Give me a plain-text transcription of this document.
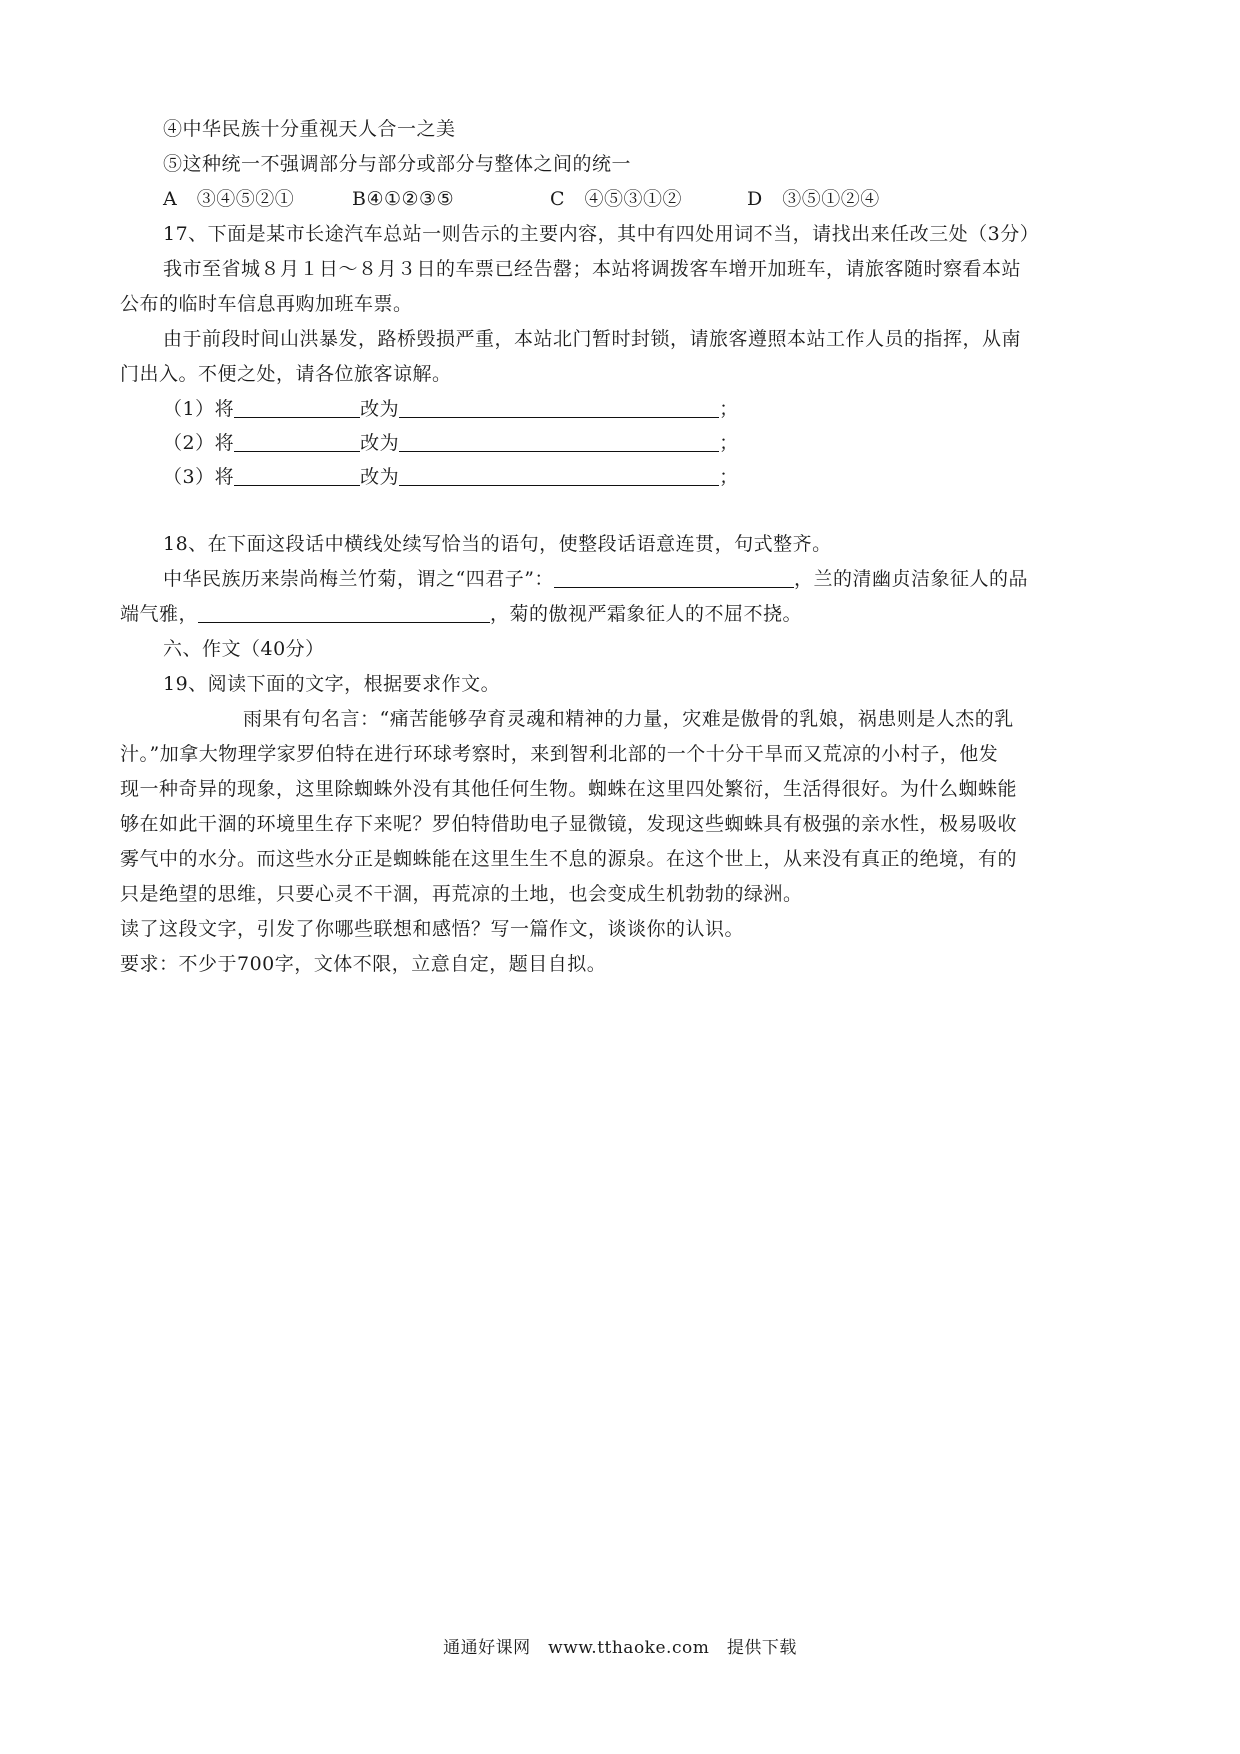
④中华民族十分重视天人合一之美
⑤这种统一不强调部分与部分或部分与整体之间的统一
A　③④⑤②①	B④①②③⑤	C　④⑤③①②	D　③⑤①②④
17、下面是某市长途汽车总站一则告示的主要内容，其中有四处用词不当，请找出来任改三处（3分）
我市至省城８月１日～８月３日的车票已经告罄；本站将调拨客车增开加班车，请旅客随时察看本站
公布的临时车信息再购加班车票。
由于前段时间山洪暴发，路桥毁损严重，本站北门暂时封锁，请旅客遵照本站工作人员的指挥，从南
门出入。不便之处，请各位旅客谅解。
（1）将	改为	；
（2）将	改为	；
（3）将	改为	；
18、在下面这段话中横线处续写恰当的语句，使整段话语意连贯，句式整齐。
中华民族历来崇尚梅兰竹菊，谓之“四君子”：	，兰的清幽贞洁象征人的品
端气雅，	，菊的傲视严霜象征人的不屈不挠。
六、作文（40分）
19、阅读下面的文字，根据要求作文。
雨果有句名言：“痛苦能够孕育灵魂和精神的力量，灾难是傲骨的乳娘，祸患则是人杰的乳
汁。”加拿大物理学家罗伯特在进行环球考察时，来到智利北部的一个十分干旱而又荒凉的小村子，他发
现一种奇异的现象，这里除蜘蛛外没有其他任何生物。蜘蛛在这里四处繁衍，生活得很好。为什么蜘蛛能
够在如此干涸的环境里生存下来呢？罗伯特借助电子显微镜，发现这些蜘蛛具有极强的亲水性，极易吸收
雾气中的水分。而这些水分正是蜘蛛能在这里生生不息的源泉。在这个世上，从来没有真正的绝境，有的
只是绝望的思维，只要心灵不干涸，再荒凉的土地，也会变成生机勃勃的绿洲。
读了这段文字，引发了你哪些联想和感悟？写一篇作文，谈谈你的认识。
要求：不少于700字，文体不限，立意自定，题目自拟。
通通好课网　www.tthaoke.com　提供下载
